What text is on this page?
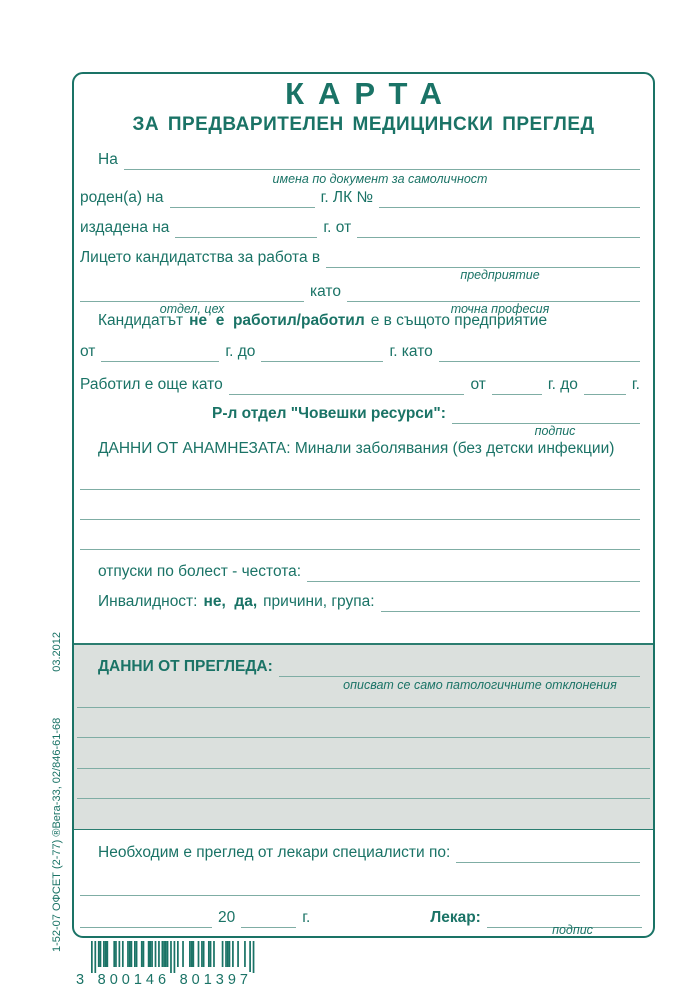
КАРТА
ЗА ПРЕДВАРИТЕЛЕН МЕДИЦИНСКИ ПРЕГЛЕД
На
имена по документ за самоличност
роден(а) на	г. ЛК №
издадена на	г. от
Лицето кандидатства за работа в
предприятие
като
отдел, цех	точна професия
Кандидатът не  е  работил/работил е в същото предприятие
от	г. до	г. като
Работил е още като	от	г. до	г.
Р-л отдел "Човешки ресурси":
подпис
ДАННИ ОТ АНАМНЕЗАТА: Минали заболявания (без детски инфекции)
отпуски по болест - честота:
Инвалидност: не,  да, причини, група:
ДАННИ ОТ ПРЕГЛЕДА:
описват се само патологичните отклонения
Необходим е преглед от лекари специалисти по:
20	г.	Лекар:
подпис
3 800146 801397
1-52-07 ОФСЕТ (2-77) ®Вега-33, 02/846-61-68
03.2012
